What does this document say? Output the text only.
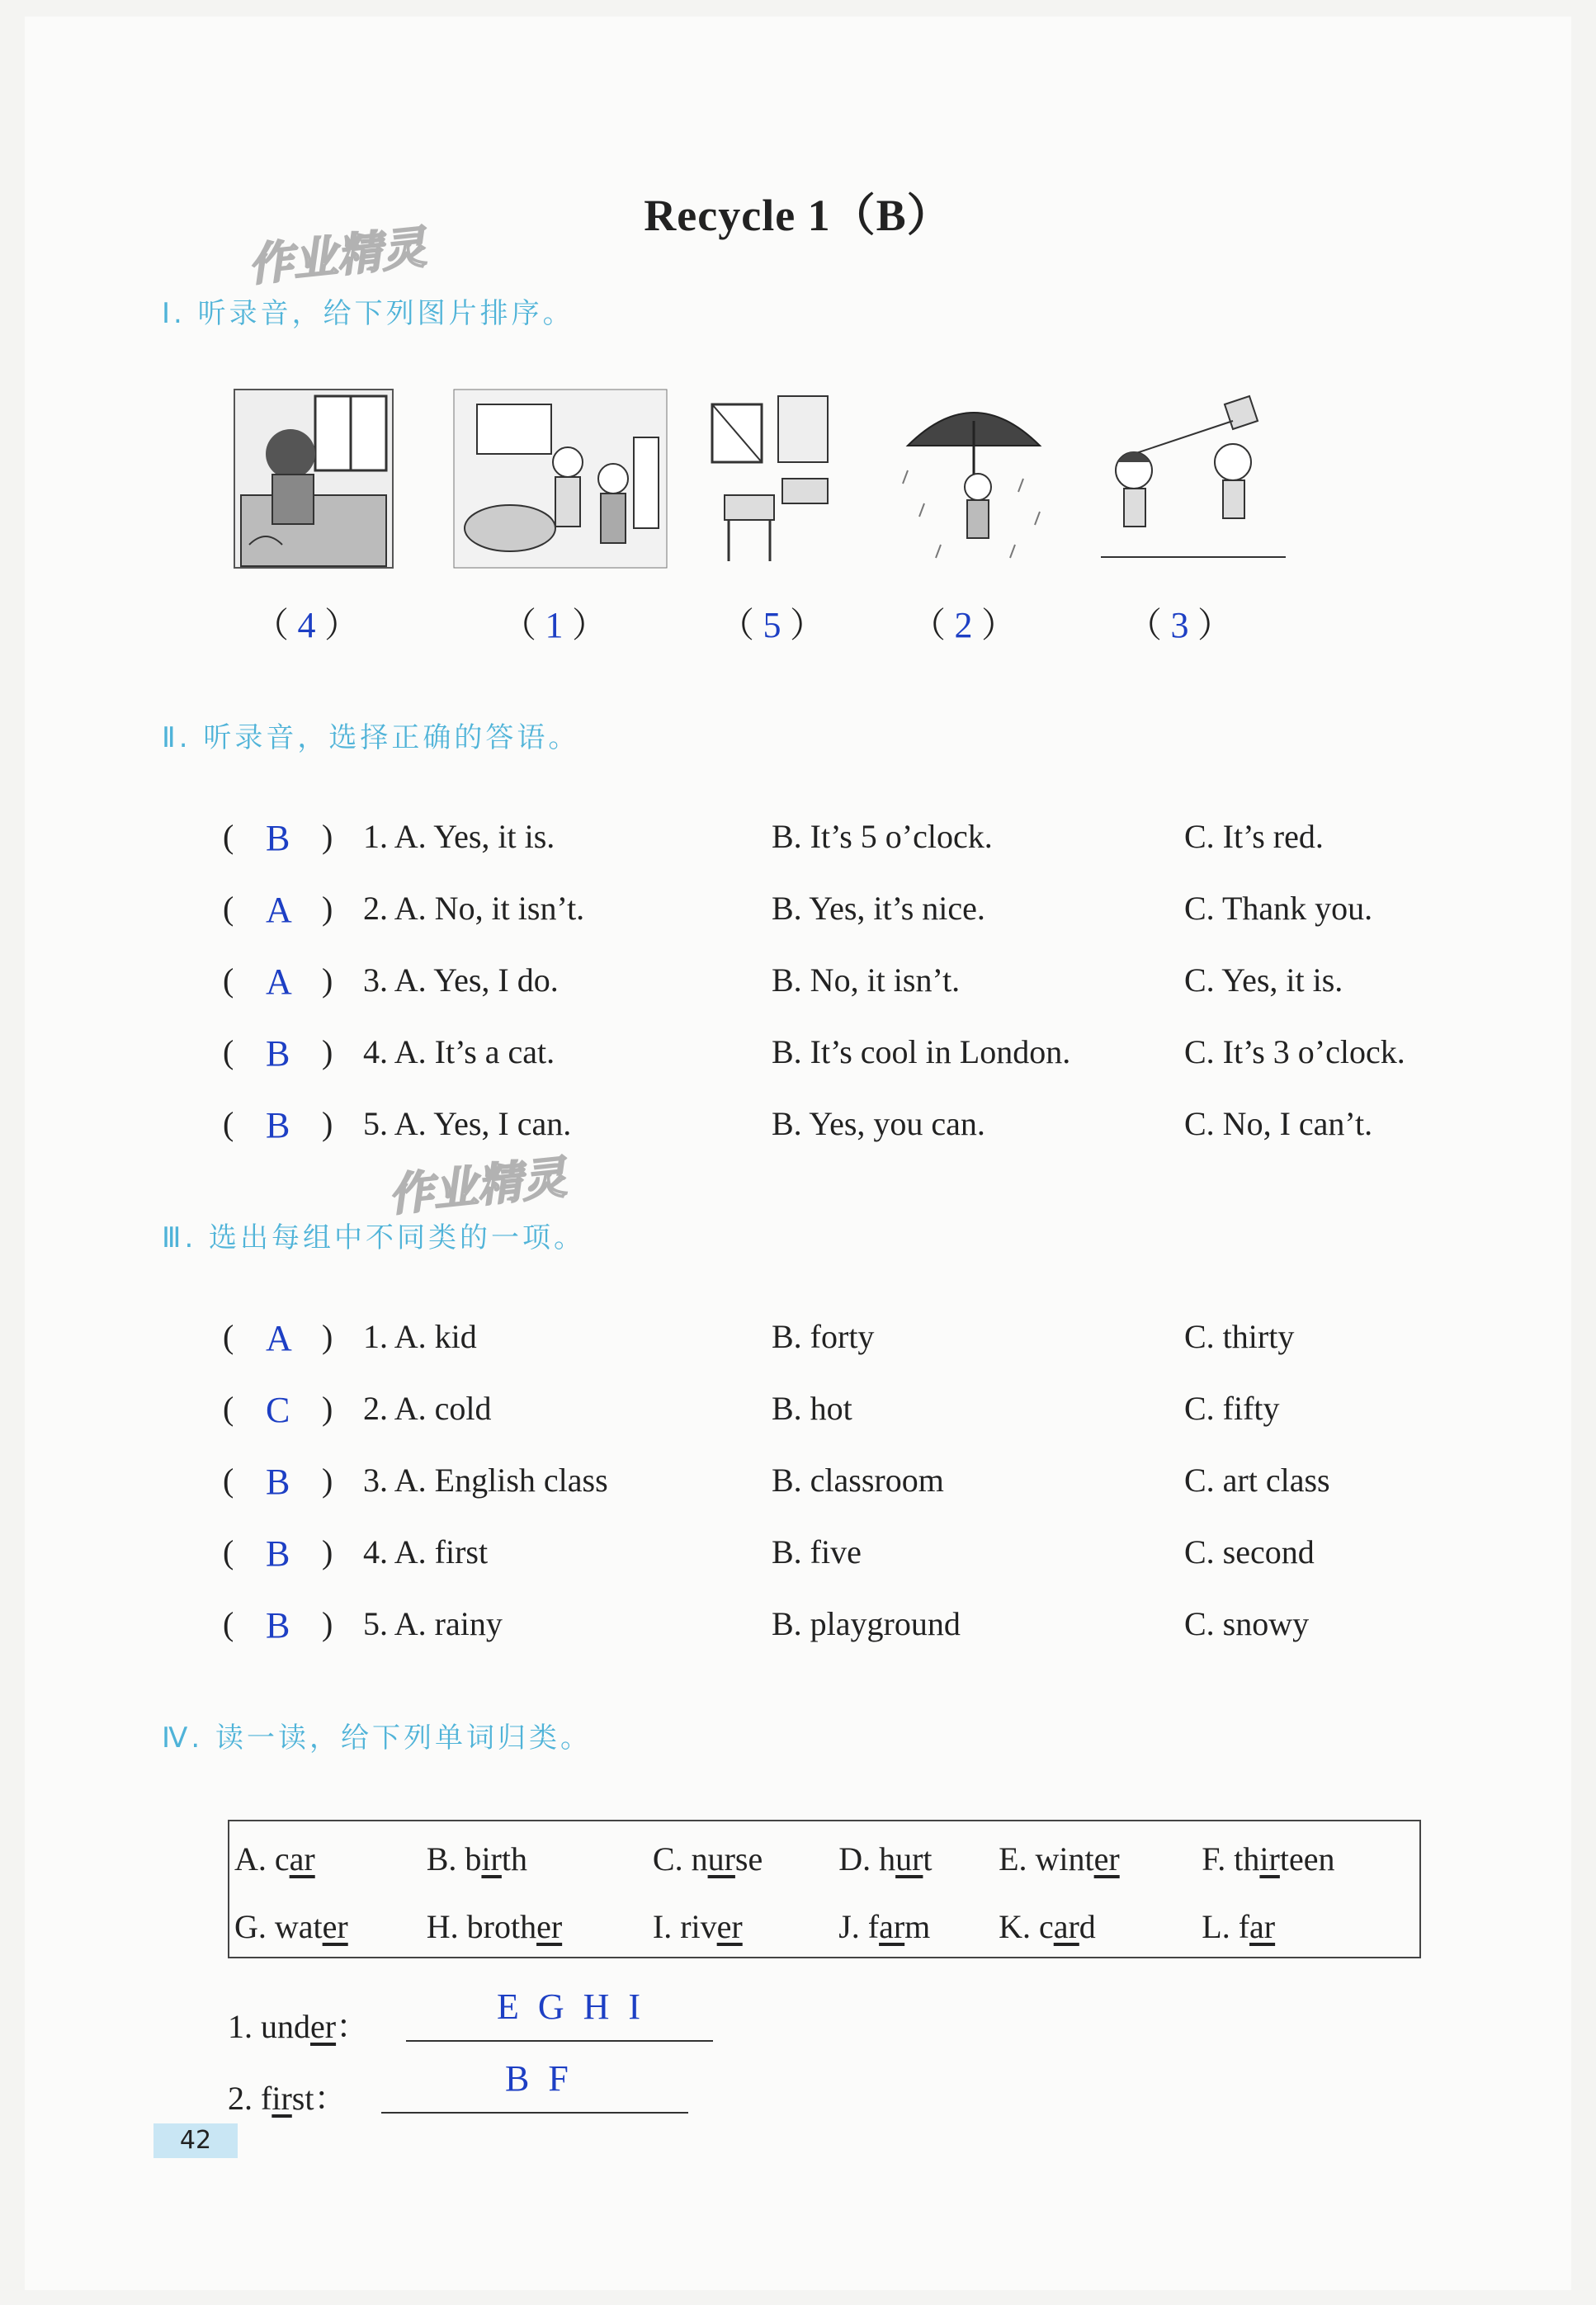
Recycle 1（B）
作业精灵
作业精灵
Ⅰ. 听录音，给下列图片排序。
（ 4 ）	（ 1 ）	（ 5 ） （ 2 ）	（ 3 ）
Ⅱ. 听录音，选择正确的答语。
( B ) 1. A. Yes, it is.	B. It’s 5 o’clock.	C. It’s red.
( A ) 2. A. No, it isn’t.	B. Yes, it’s nice.	C. Thank you.
( A ) 3. A. Yes, I do.	B. No, it isn’t.	C. Yes, it is.
( B ) 4. A. It’s a cat.	B. It’s cool in London.	C. It’s 3 o’clock.
( B ) 5. A. Yes, I can.	B. Yes, you can.	C. No, I can’t.
Ⅲ. 选出每组中不同类的一项。
( A ) 1. A. kid	B. forty	C. thirty
( C ) 2. A. cold	B. hot	C. fifty
( B ) 3. A. English class	B. classroom	C. art class
( B ) 4. A. first	B. five	C. second
( B ) 5. A. rainy	B. playground	C. snowy
Ⅳ. 读一读，给下列单词归类。
A. car	B. birth	C. nurse	D. hurt	E. winter	F. thirteen
G. water	H. brother	I. river	J. farm	K. card	L. far
1. under：	E G H I
2. first：	B F
42
